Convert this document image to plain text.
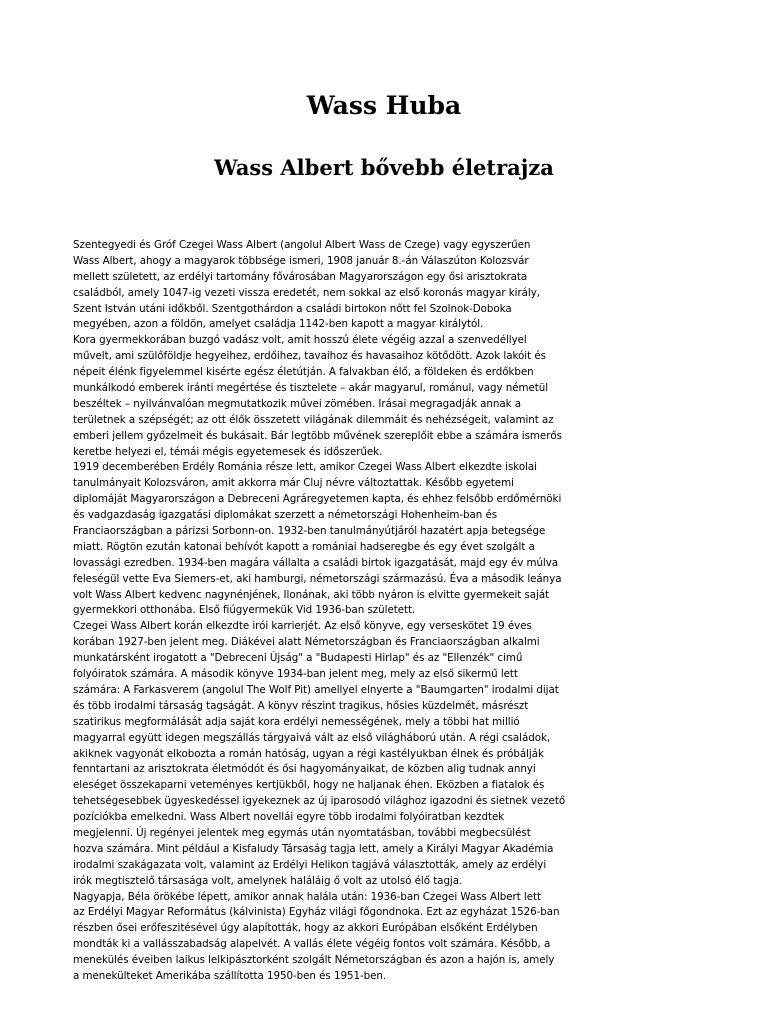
Wass Huba
Wass Albert bővebb életrajza
Szentegyedi és Gróf Czegei Wass Albert (angolul Albert Wass de Czege) vagy egyszerűen
Wass Albert, ahogy a magyarok többsége ismeri, 1908 január 8.-án Válaszúton Kolozsvár
mellett született, az erdélyi tartomány fővárosában Magyarországon egy ősi arisztokrata
családból, amely 1047-ig vezeti vissza eredetét, nem sokkal az első koronás magyar király,
Szent István utáni időkből. Szentgothárdon a családi birtokon nőtt fel Szolnok-Doboka
megyében, azon a földön, amelyet családja 1142-ben kapott a magyar királytól.
Kora gyermekkorában buzgó vadász volt, amit hosszú élete végéig azzal a szenvedéllyel
művelt, ami szülőföldje hegyeihez, erdőihez, tavaihoz és havasaihoz kötődött. Azok lakóit és
népeit élénk figyelemmel kisérte egész életútján. A falvakban élő, a földeken és erdőkben
munkálkodó emberek iránti megértése és tisztelete – akár magyarul, románul, vagy németül
beszéltek – nyilvánvalóan megmutatkozik művei zömében. Irásai megragadják annak a
területnek a szépségét; az ott élők összetett világának dilemmáit és nehézségeit, valamint az
emberi jellem győzelmeit és bukásait. Bár legtöbb művének szereplőit ebbe a számára ismerős
keretbe helyezi el, témái mégis egyetemesek és időszerűek.
1919 decemberében Erdély Románia része lett, amikor Czegei Wass Albert elkezdte iskolai
tanulmányait Kolozsváron, amit akkorra már Cluj névre változtattak. Később egyetemi
diplomáját Magyarországon a Debreceni Agráregyetemen kapta, és ehhez felsőbb erdőmérnöki
és vadgazdaság igazgatási diplomákat szerzett a németországi Hohenheim-ban és
Franciaországban a párizsi Sorbonn-on. 1932-ben tanulmányútjáról hazatért apja betegsége
miatt. Rögtön ezután katonai behívót kapott a romániai hadseregbe és egy évet szolgált a
lovassági ezredben. 1934-ben magára vállalta a családi birtok igazgatását, majd egy év múlva
feleségül vette Eva Siemers-et, aki hamburgi, németországi származású. Éva a második leánya
volt Wass Albert kedvenc nagynénjének, Ilonának, aki több nyáron is elvitte gyermekeit saját
gyermekkori otthonába. Első fiúgyermekük Vid 1936-ban született.
Czegei Wass Albert korán elkezdte irói karrierjét. Az első könyve, egy verseskötet 19 éves
korában 1927-ben jelent meg. Diákévei alatt Németországban és Franciaországban alkalmi
munkatársként irogatott a "Debreceni Újság" a "Budapesti Hirlap" és az "Ellenzék" cimű
folyóiratok számára. A második könyve 1934-ban jelent meg, mely az első sikermű lett
számára: A Farkasverem (angolul The Wolf Pit) amellyel elnyerte a "Baumgarten" irodalmi dijat
és több irodalmi társaság tagságát. A könyv részint tragikus, hősies küzdelmét, másrészt
szatirikus megformálását adja saját kora erdélyi nemességének, mely a többi hat millió
magyarral együtt idegen megszállás tárgyaivá vált az első világháború után. A régi családok,
akiknek vagyonát elkobozta a román hatóság, ugyan a régi kastélyukban élnek és próbálják
fenntartani az arisztokrata életmódót és ősi hagyományaikat, de közben alig tudnak annyi
eleséget összekaparni veteményes kertjükből, hogy ne haljanak éhen. Eközben a fiatalok és
tehetségesebbek ügyeskedéssel igyekeznek az új iparosodó világhoz igazodni és sietnek vezető
pozíciókba emelkedni. Wass Albert novellái egyre több irodalmi folyóiratban kezdtek
megjelenni. Új regényei jelentek meg egymás után nyomtatásban, további megbecsülést
hozva számára. Mint például a Kisfaludy Társaság tagja lett, amely a Királyi Magyar Akadémia
irodalmi szakágazata volt, valamint az Erdélyi Helikon tagjává választották, amely az erdélyi
irók megtisztelő társasága volt, amelynek haláláig ő volt az utolsó élő tagja.
Nagyapja, Béla örökébe lépett, amikor annak halála után: 1936-ban Czegei Wass Albert lett
az Erdélyi Magyar Református (kálvinista) Egyház világi főgondnoka. Ezt az egyházat 1526-ban
részben ősei erőfeszitésével úgy alapították, hogy az akkori Európában elsőként Erdélyben
mondták ki a vallásszabadság alapelvét. A vallás élete végéig fontos volt számára. Később, a
menekülés éveiben laikus lelkipásztorként szolgált Németországban és azon a hajón is, amely
a menekülteket Amerikába szállította 1950-ben és 1951-ben.
